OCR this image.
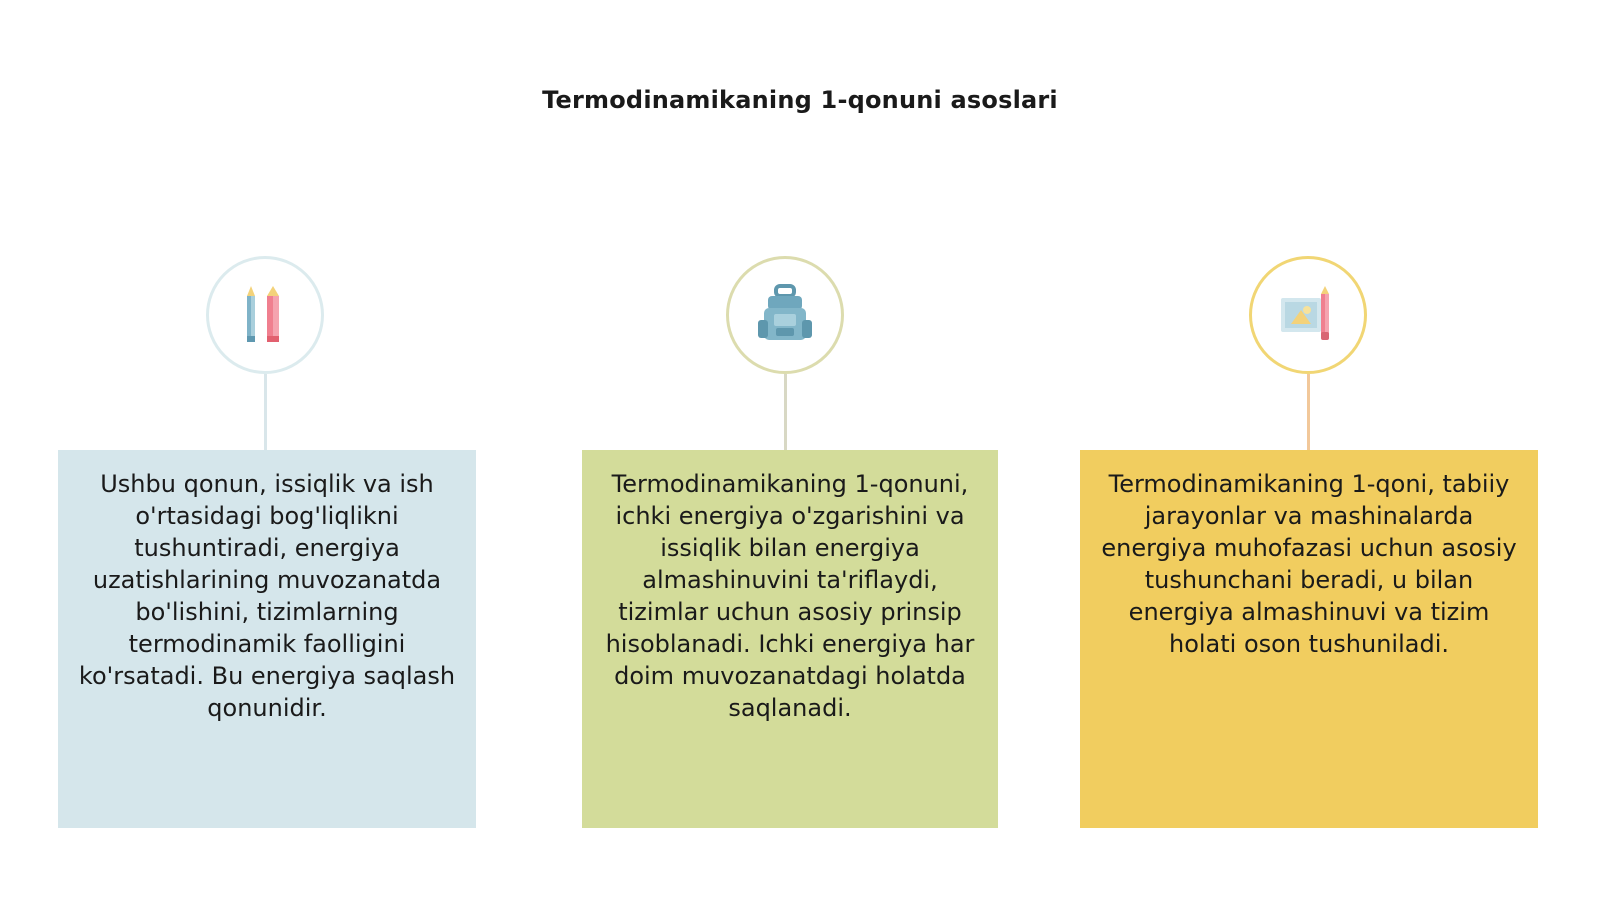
Termodinamikaning 1-qonuni asoslari
Ushbu qonun, issiqlik va ish o'rtasidagi bog'liqlikni tushuntiradi, energiya uzatishlarining muvozanatda bo'lishini, tizimlarning termodinamik faolligini ko'rsatadi. Bu energiya saqlash qonunidir.
Termodinamikaning 1-qonuni, ichki energiya o'zgarishini va issiqlik bilan energiya almashinuvini ta'riflaydi, tizimlar uchun asosiy prinsip hisoblanadi. Ichki energiya har doim muvozanatdagi holatda saqlanadi.
Termodinamikaning 1-qoni, tabiiy jarayonlar va mashinalarda energiya muhofazasi uchun asosiy tushunchani beradi, u bilan energiya almashinuvi va tizim holati oson tushuniladi.
